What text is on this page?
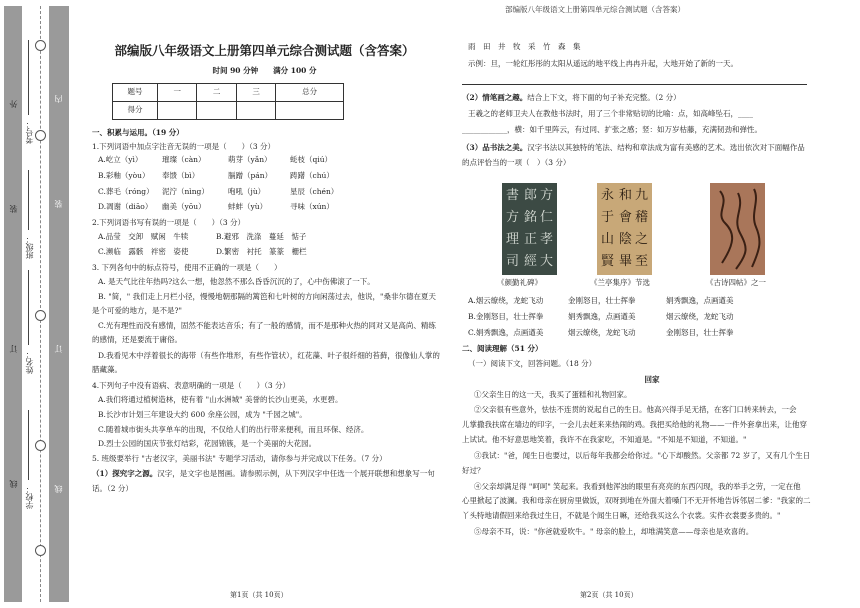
外
装
订
线
学校：
姓名：
班级：
考号：
内
装
订
线
部编版八年级语文上册第四单元综合测试题（含答案）
部编版八年级语文上册第四单元综合测试题（含答案）
时间 90 分钟　　满分 100 分
题号	一	二	三	总分
得分				

一、积累与运用。（19 分）

1.下列词语中加点字注音无误的一项是（　　）（3 分）

A.屹立（yì）	璀璨（càn）	萌芽（yǎn） 蚝枝（qiú）
B.彩釉（yòu） 奉馈（bì）	膈蹭（pán） 踌躇（chú）
C.葬毛（róng） 泥泞（nìng）	咆吼（jù）	星辰（chén）
D.凋谢（diāo） 幽美（yōu）	蚌蚌（yù）	寻味（xún）

2.下列词语书写有误的一项是（　　）（3 分）

A.品莹　交卸　赋闲　牛犊	B.避邪　洗涤　蔓延　惦子
C.濒临　露骸　袢密　姿使	D.繁密　衬托　篆篆　栅栏

3. 下列各句中的标点符号，使用不正确的一项是（　　）

A. 是天气比往年热吗?这么一想，他忽然不那么昏昏沉沉的了，心中伤佛滚了一下。

B. "简，" 我们走上月栏小径，慢慢地朝那隔的篱笆和七叶树的方向闲荡过去，他说，"桑非尔德在夏天

是个可爱的地方，是不是?"

C.光有理性而没有感情，固然不能表达音乐；有了一般的感情，而不是那种火热的同对又是高尚、精练

的感情，还是要流于庸俗。

D.我看见木中浮着很长的海带（有些作堆形，有些作管状），红花藻、叶子很纤细的苔藓，很像仙人掌的

腊藏藻。

4.下列句子中没有语病、表意明确的一项是（　　）（3 分）

A.我们将通过植树造林，使有着 "山水洲城" 美誉的长沙山更美，水更碧。

B.长沙市计划三年建设大约 600 余座公园，成为 "千园之城"。

C.随着城市街头共享单车的出现，不仅给人们的出行带来便利，而且环保、经济。

D.烈士公园的国庆节张灯结彩，花园锦簇，是一个美丽的大花园。

5. 班级要举行 "古老汉字，美丽书法" 专题学习活动，请你参与并完成以下任务。（7 分）

（1）探究字之源。汉字，是文字也是图画。请参照示例，从下列汉字中任选一个展开联想和想象写一句

话。（2 分）

雨　田　井　牧　采　竹　森　集

示例：旦，一轮红彤彤的太阳从遥远的地平线上冉冉升起，大地开始了新的一天。

（2）情笔画之趣。结合上下文，将下面的句子补充完整。（2 分）

王羲之的老师卫夫人在教他书法时，用了三个非常贴切的比喻：点，如高峰坠石，____

____________，横：如千里阵云，有过同、扩张之感；竖：如万岁枯藤，充满韧劲和弹性。

（3）品书法之美。汉字书法以其独特的笔法、结构和章法成为富有美感的艺术。选出依次对下面幅作品

的点评恰当的一项（　）（3 分）

書 郎 方
方 銘 仁
理 正 孝
司 經 大
永 和 九
于 會 稽
山 陰 之
賢 畢 至
《颜勤礼碑》	《兰亭集序》节选	《古诗四帖》之一
A.烟云缭绕，龙蛇飞动	金刚怒目，壮士挥拳	娟秀飘逸，点画遒美
B.金刚怒目，壮士挥拳	娟秀飘逸，点画遒美	烟云缭绕，龙蛇飞动
C.娟秀飘逸，点画遒美	烟云缭绕，龙蛇飞动	金刚怒目，壮士挥拳

二、阅读理解（51 分）

（一）阅读下文，回答问题。（18 分）

回家

①父亲生日的这一天，我买了蛋糕和礼物回家。

②父亲很有些意外，怯怯不连贯的说起自己的生日。他高兴得手足无措，在客门口转来转去，一会

儿掌撒我扶席在墙边的印字，一会儿去赶来来热闹的鸡。我把买给他的礼物——一件外套拿出来，让他穿

上试试。他不好意思地笑着，我许不在我家吃，不知道是。"不知是不知道，不知道。"

③我试："爸，闻生日也要过，以后每年我都会给你过。"心下却酸然。父亲都 72 岁了，又有几个生日

好过？

④父亲却满足得 "呵呵" 笑起来。我看到他浑浊的眼里有亮亮的东西闪现，我的举手之劳，一定在他

心里掀起了波澜。我和母亲在厨房里做饭，双呀到地在外面大着嗓门不无开怀地告诉邻居二爹："我家的二

丫头特地请假回来给我过生日，不就是个闻生日嘛，还给我买这么个衣裳。实件衣裳要多贵的。"

⑤母亲不耳，说："你爸就爱吹牛。" 母亲的脸上，却堆满笑意——母亲也是欢喜的。

第1页（共 10页）	第2页（共 10页）
